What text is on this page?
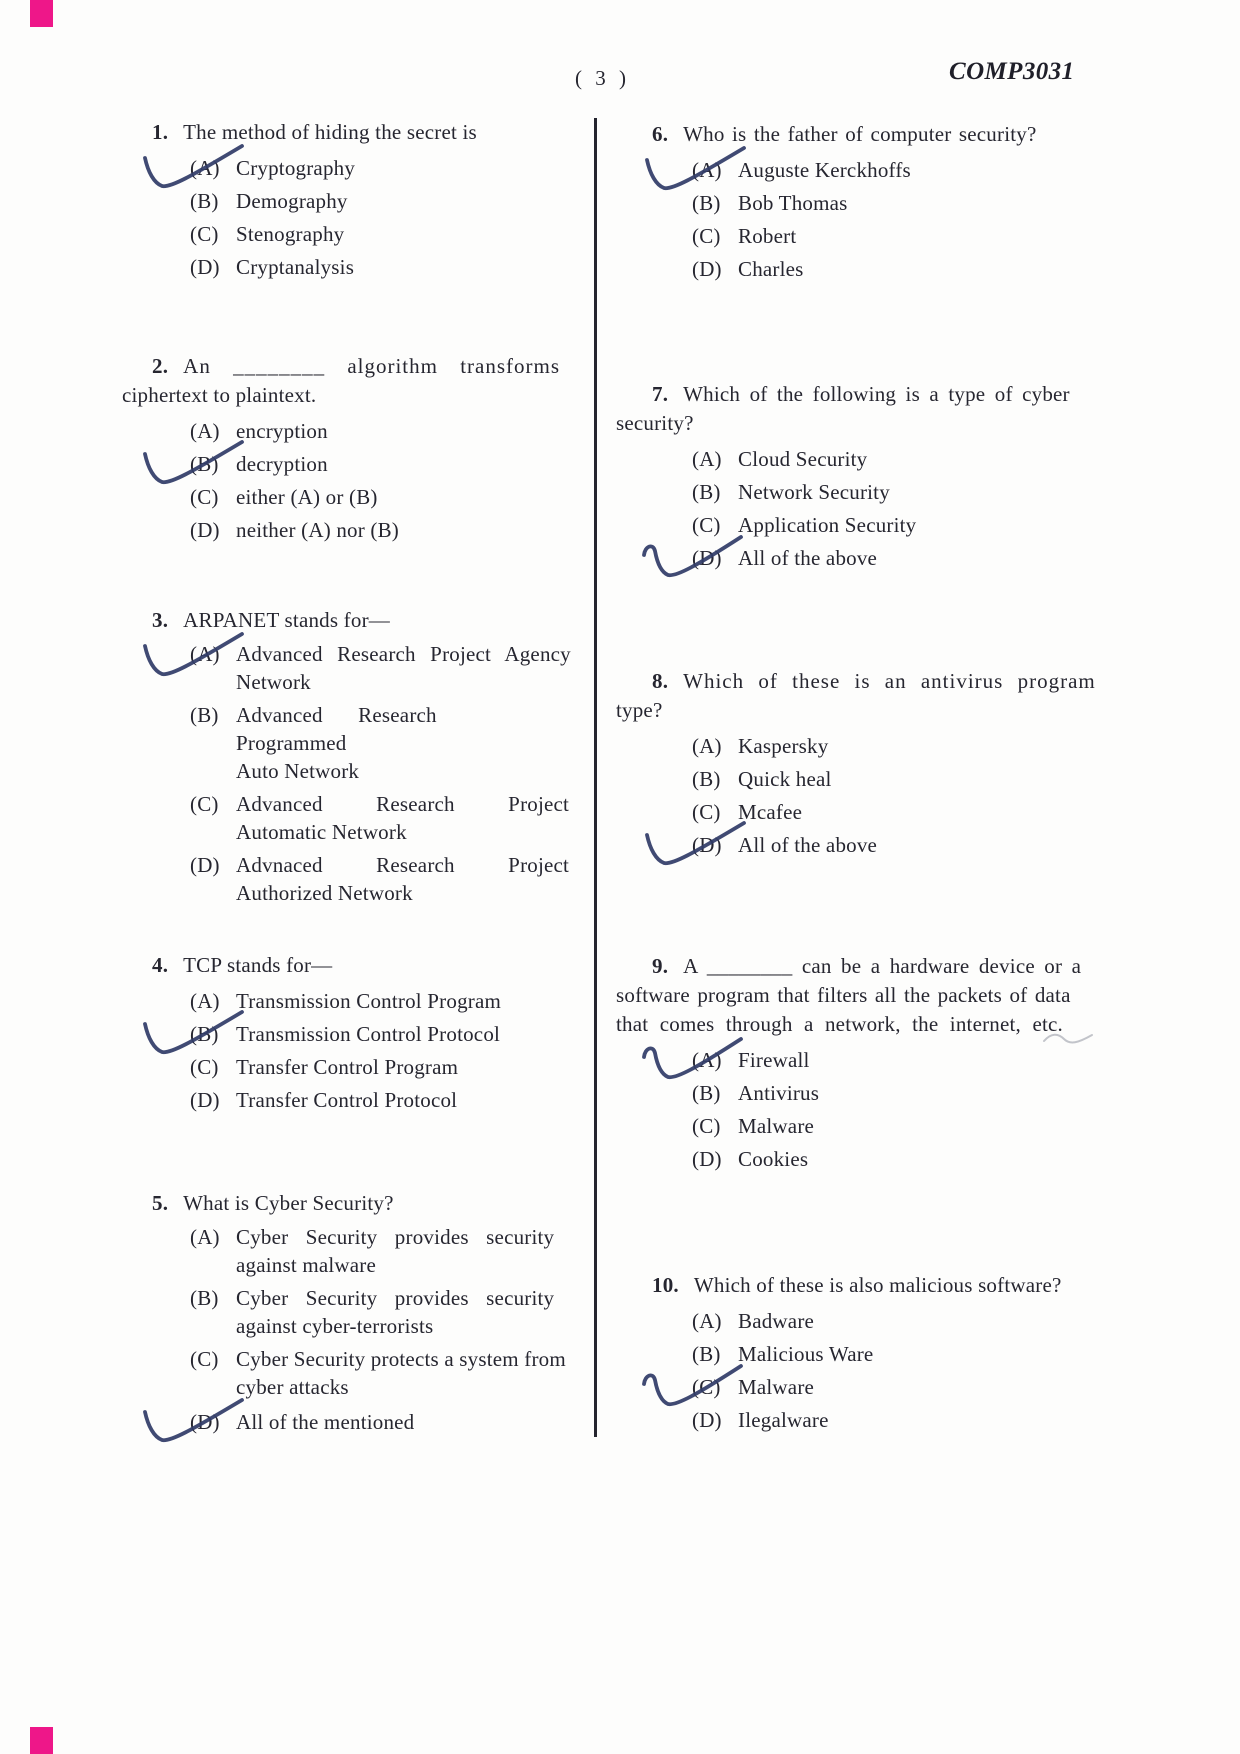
( 3 )	COMP3031
1. The method of hiding the secret is
(A) Cryptography
(B) Demography
(C) Stenography
(D) Cryptanalysis
2. An ________ algorithm transforms
ciphertext to plaintext.
(A) encryption
(B) decryption
(C) either (A) or (B)
(D) neither (A) nor (B)
3. ARPANET stands for—
(A) Advanced Research Project Agency
Network
(B) Advanced Research Programmed
Auto Network
(C) Advanced Research Project
Automatic Network
(D) Advnaced Research Project
Authorized Network
4. TCP stands for—
(A) Transmission Control Program
(B) Transmission Control Protocol
(C) Transfer Control Program
(D) Transfer Control Protocol
5. What is Cyber Security?
(A) Cyber Security provides security
against malware
(B) Cyber Security provides security
against cyber-terrorists
(C) Cyber Security protects a system from
cyber attacks
(D) All of the mentioned
6. Who is the father of computer security?
(A) Auguste Kerckhoffs
(B) Bob Thomas
(C) Robert
(D) Charles
7. Which of the following is a type of cyber
security?
(A) Cloud Security
(B) Network Security
(C) Application Security
(D) All of the above
8. Which of these is an antivirus program
type?
(A) Kaspersky
(B) Quick heal
(C) Mcafee
(D) All of the above
9. A ________ can be a hardware device or a
software program that filters all the packets of data
that comes through a network, the internet, etc.
(A) Firewall
(B) Antivirus
(C) Malware
(D) Cookies
10. Which of these is also malicious software?
(A) Badware
(B) Malicious Ware
(C) Malware
(D) Ilegalware
